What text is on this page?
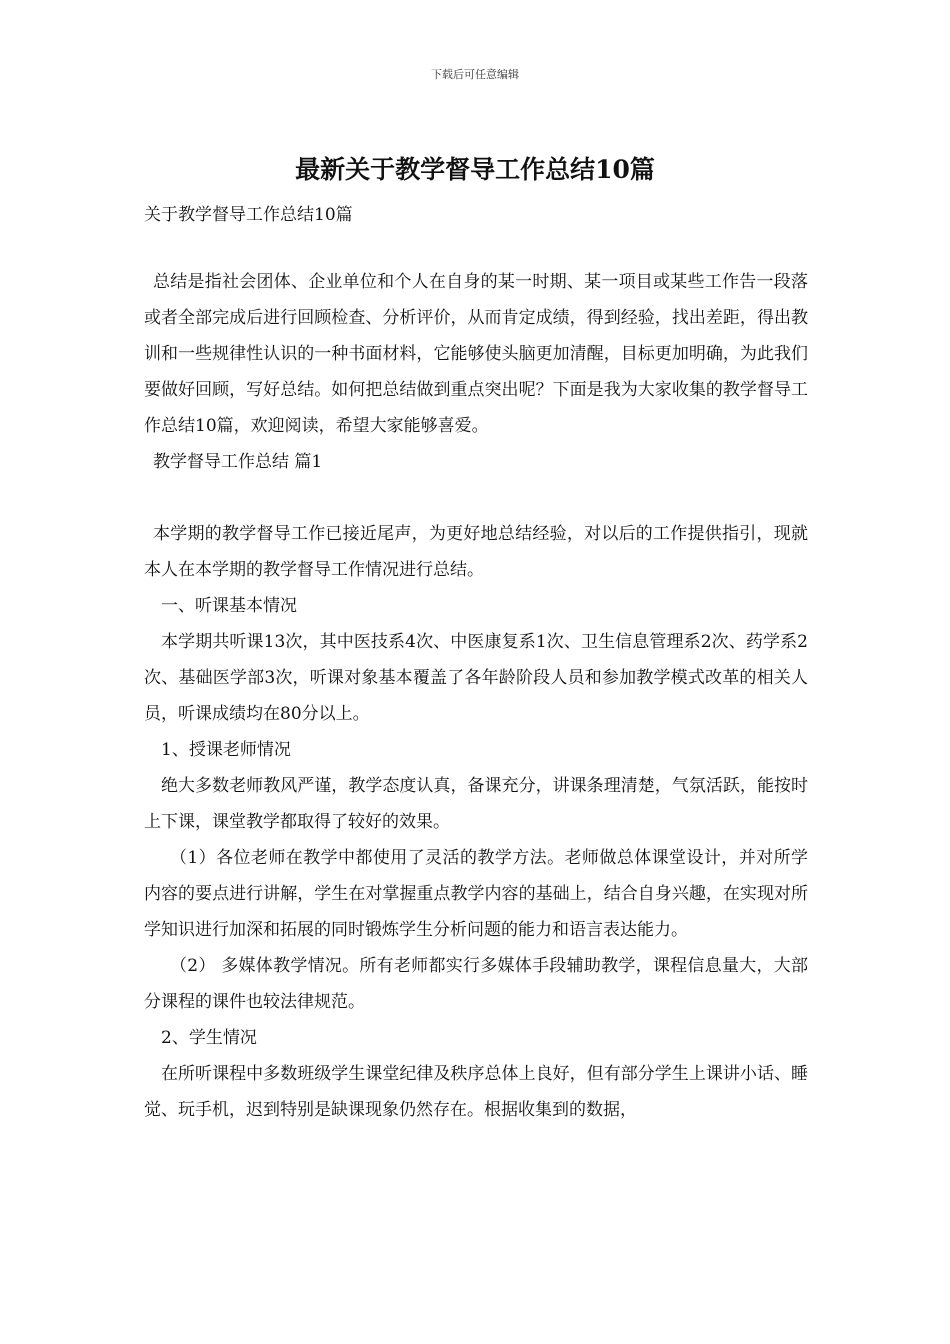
下载后可任意编辑
最新关于教学督导工作总结10篇
关于教学督导工作总结10篇

总结是指社会团体、企业单位和个人在自身的某一时期、某一项目或某些工作告一段落或者全部完成后进行回顾检查、分析评价，从而肯定成绩，得到经验，找出差距，得出教训和一些规律性认识的一种书面材料，它能够使头脑更加清醒，目标更加明确，为此我们要做好回顾，写好总结。如何把总结做到重点突出呢？下面是我为大家收集的教学督导工作总结10篇，欢迎阅读，希望大家能够喜爱。

教学督导工作总结 篇1

本学期的教学督导工作已接近尾声，为更好地总结经验，对以后的工作提供指引，现就本人在本学期的教学督导工作情况进行总结。

一、听课基本情况

本学期共听课13次，其中医技系4次、中医康复系1次、卫生信息管理系2次、药学系2次、基础医学部3次，听课对象基本覆盖了各年龄阶段人员和参加教学模式改革的相关人员，听课成绩均在80分以上。

1、授课老师情况

绝大多数老师教风严谨，教学态度认真，备课充分，讲课条理清楚，气氛活跃，能按时上下课，课堂教学都取得了较好的效果。

（1）各位老师在教学中都使用了灵活的教学方法。老师做总体课堂设计，并对所学内容的要点进行讲解，学生在对掌握重点教学内容的基础上，结合自身兴趣，在实现对所学知识进行加深和拓展的同时锻炼学生分析问题的能力和语言表达能力。

（2） 多媒体教学情况。所有老师都实行多媒体手段辅助教学，课程信息量大，大部分课程的课件也较法律规范。

2、学生情况

在所听课程中多数班级学生课堂纪律及秩序总体上良好，但有部分学生上课讲小话、睡觉、玩手机，迟到特别是缺课现象仍然存在。根据收集到的数据，
